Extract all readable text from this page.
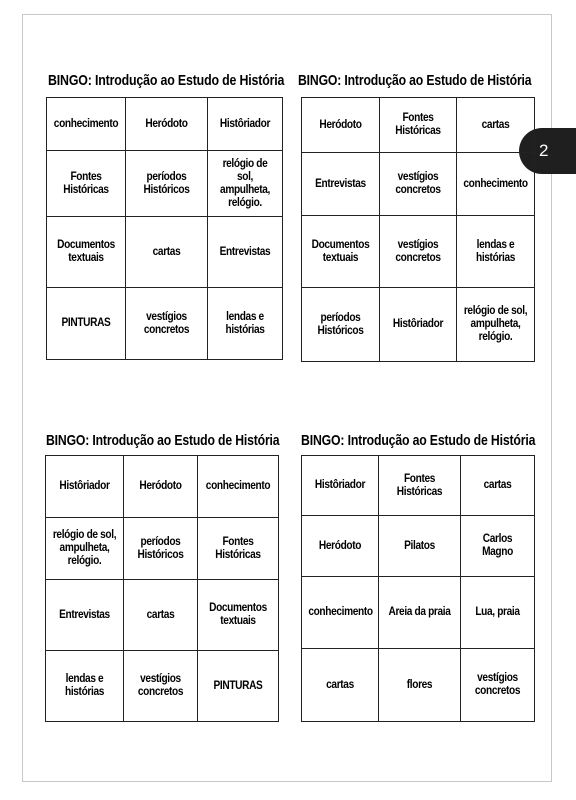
2
BINGO: Introdução ao Estudo de História
conhecimento	Heródoto	Histôriador

Fontes Históricas	períodos Históricos	relógio de sol, ampulheta, relógio.

Documentos textuais	cartas	Entrevistas

PINTURAS	vestígios concretos	lendas e histórias
BINGO: Introdução ao Estudo de História
Heródoto	Fontes Históricas	cartas

Entrevistas	vestígios concretos	conhecimento

Documentos textuais	vestígios concretos	lendas e histórias

períodos Históricos	Histôriador	relógio de sol, ampulheta, relógio.
BINGO: Introdução ao Estudo de História
Histôriador	Heródoto	conhecimento

relógio de sol, ampulheta, relógio.	períodos Históricos	Fontes Históricas

Entrevistas	cartas	Documentos textuais

lendas e histórias	vestígios concretos	PINTURAS
BINGO: Introdução ao Estudo de História
Histôriador	Fontes Históricas	cartas

Heródoto	Pilatos	Carlos Magno

conhecimento	Areia da praia	Lua, praia

cartas	flores	vestígios concretos
